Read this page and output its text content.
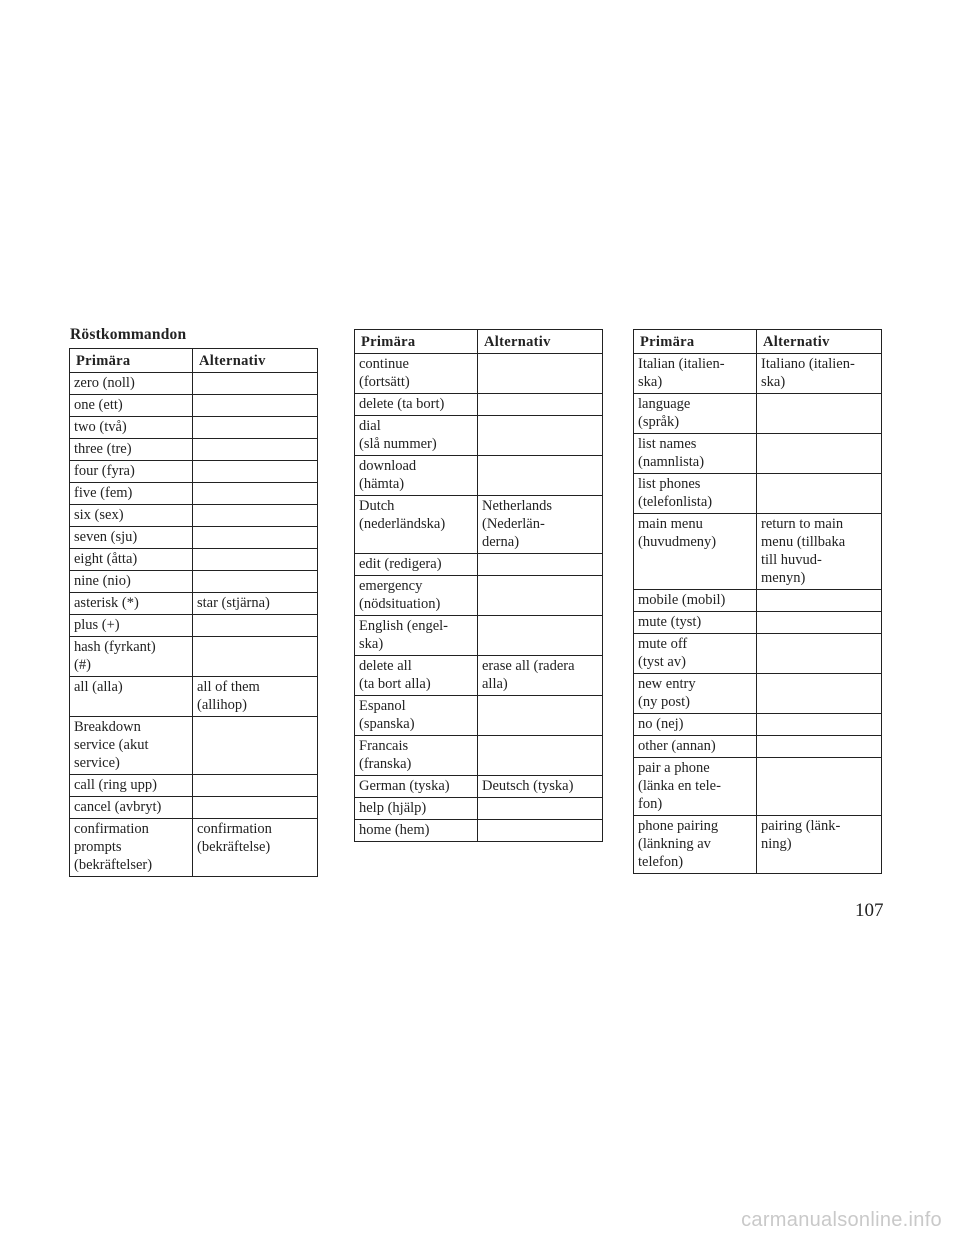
Röstkommandon
Primära	Alternativ

zero (noll)	

one (ett)	

two (två)	

three (tre)	

four (fyra)	

five (fem)	

six (sex)	

seven (sju)	

eight (åtta)	

nine (nio)	

asterisk (*)	star (stjärna)

plus (+)	

hash (fyrkant)
(#)	

all (alla)	all of them
(allihop)

Breakdown
service (akut
service)	

call (ring upp)	

cancel (avbryt)	

confirmation
prompts
(bekräftelser)	confirmation
(bekräftelse)
Primära	Alternativ

continue
(fortsätt)	

delete (ta bort)	

dial
(slå nummer)	

download
(hämta)	

Dutch
(nederländska)	Netherlands
(Nederlän-
derna)

edit (redigera)	

emergency
(nödsituation)	

English (engel-
ska)	

delete all
(ta bort alla)	erase all (radera
alla)

Espanol
(spanska)	

Francais
(franska)	

German (tyska)	Deutsch (tyska)

help (hjälp)	

home (hem)	

Primära	Alternativ

Italian (italien-
ska)	Italiano (italien-
ska)

language
(språk)	

list names
(namnlista)	

list phones
(telefonlista)	

main menu
(huvudmeny)	return to main
menu (tillbaka
till huvud-
menyn)

mobile (mobil)	

mute (tyst)	

mute off
(tyst av)	

new entry
(ny post)	

no (nej)	

other (annan)	

pair a phone
(länka en tele-
fon)	

phone pairing
(länkning av
telefon)	pairing (länk-
ning)
107
carmanualsonline.info
